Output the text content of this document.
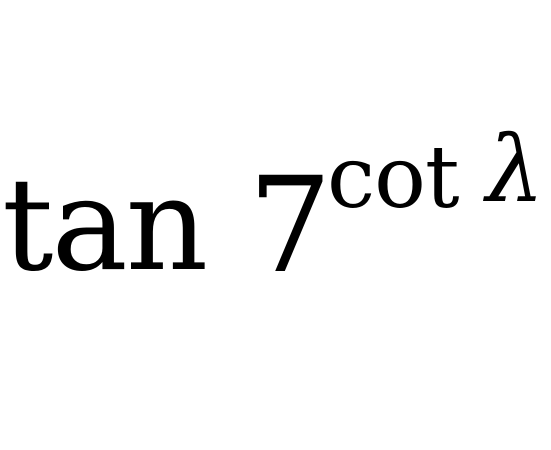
tan 7
cot λ
